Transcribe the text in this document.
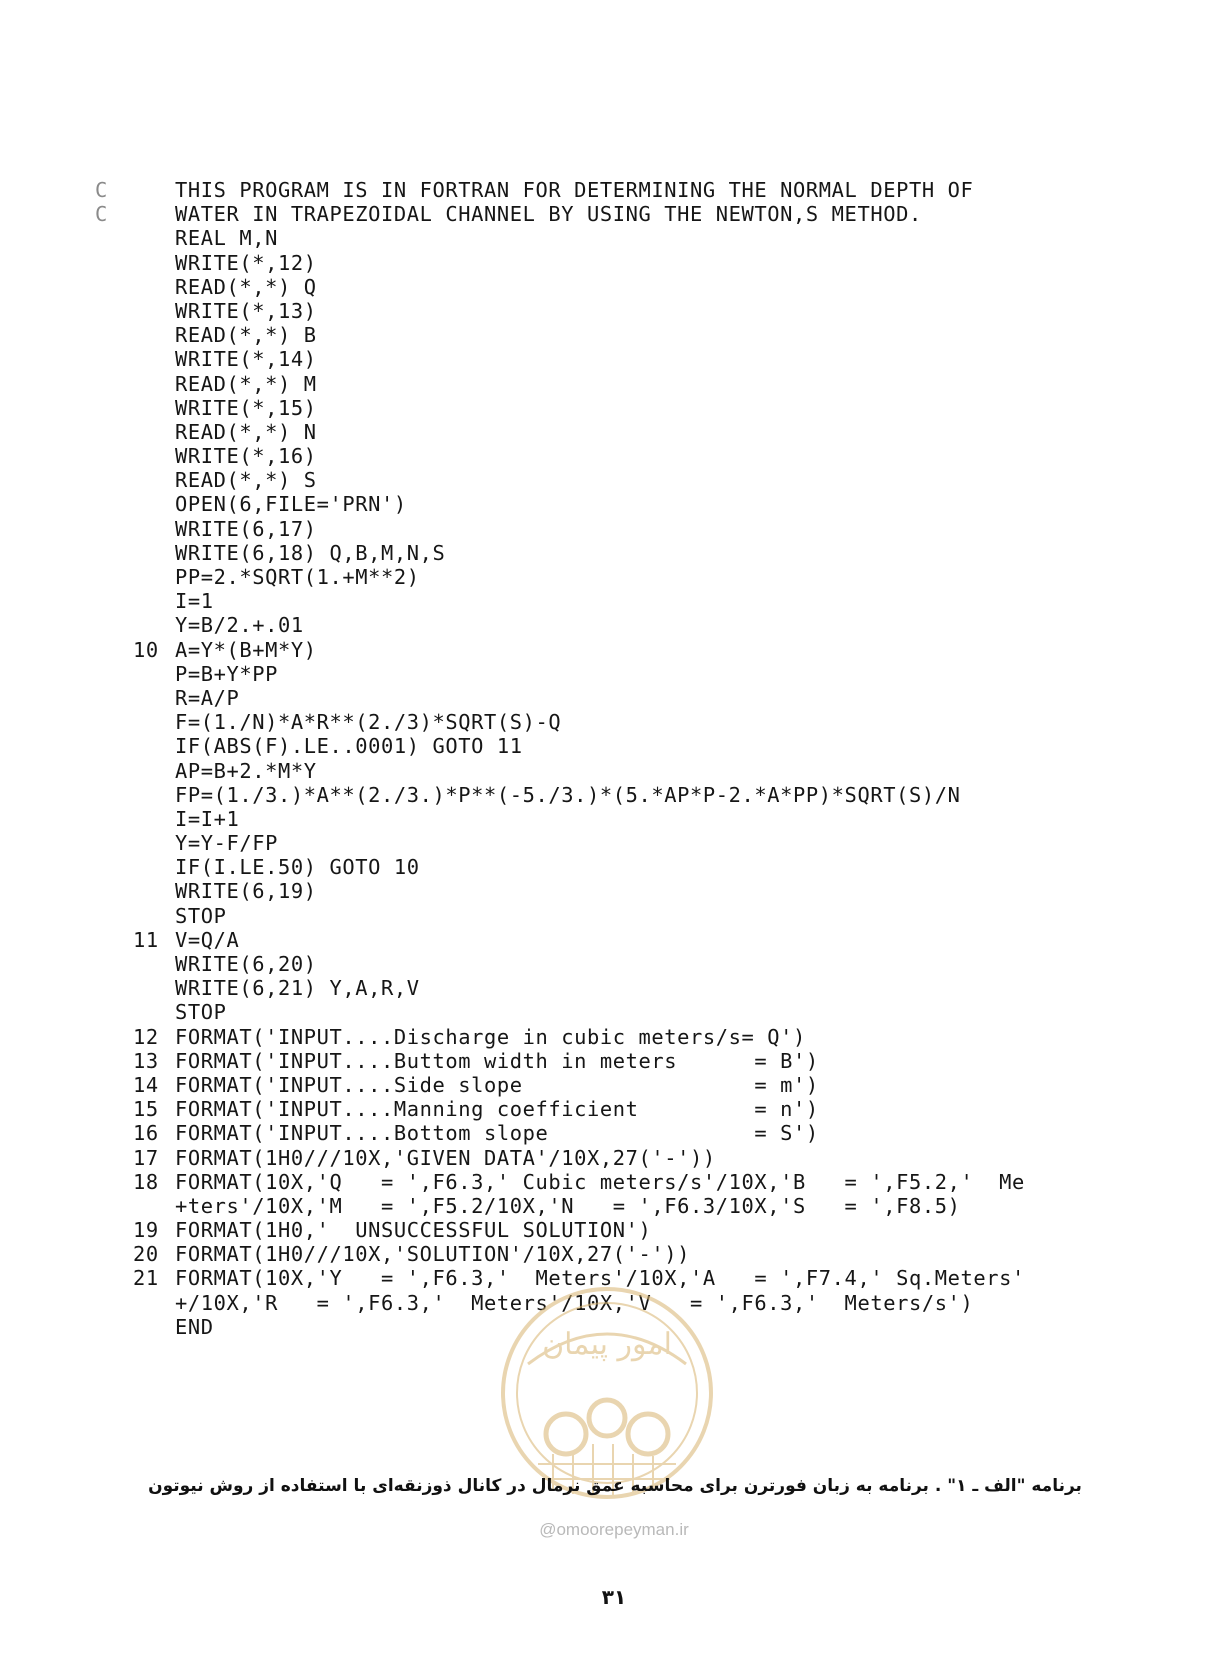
C	THIS PROGRAM IS IN FORTRAN FOR DETERMINING THE NORMAL DEPTH OF
C	WATER IN TRAPEZOIDAL CHANNEL BY USING THE NEWTON,S METHOD.
REAL M,N
WRITE(*,12)
READ(*,*) Q
WRITE(*,13)
READ(*,*) B
WRITE(*,14)
READ(*,*) M
WRITE(*,15)
READ(*,*) N
WRITE(*,16)
READ(*,*) S
OPEN(6,FILE='PRN')
WRITE(6,17)
WRITE(6,18) Q,B,M,N,S
PP=2.*SQRT(1.+M**2)
I=1
Y=B/2.+.01
10 A=Y*(B+M*Y)
P=B+Y*PP
R=A/P
F=(1./N)*A*R**(2./3)*SQRT(S)-Q
IF(ABS(F).LE..0001) GOTO 11
AP=B+2.*M*Y
FP=(1./3.)*A**(2./3.)*P**(-5./3.)*(5.*AP*P-2.*A*PP)*SQRT(S)/N
I=I+1
Y=Y-F/FP
IF(I.LE.50) GOTO 10
WRITE(6,19)
STOP
11 V=Q/A
WRITE(6,20)
WRITE(6,21) Y,A,R,V
STOP
12 FORMAT('INPUT....Discharge in cubic meters/s= Q')
13 FORMAT('INPUT....Buttom width in meters      = B')
14 FORMAT('INPUT....Side slope                  = m')
15 FORMAT('INPUT....Manning coefficient         = n')
16 FORMAT('INPUT....Bottom slope                = S')
17 FORMAT(1H0///10X,'GIVEN DATA'/10X,27('-'))
18 FORMAT(10X,'Q   = ',F6.3,' Cubic meters/s'/10X,'B   = ',F5.2,'  Me
+ters'/10X,'M   = ',F5.2/10X,'N   = ',F6.3/10X,'S   = ',F8.5)
19 FORMAT(1H0,'  UNSUCCESSFUL SOLUTION')
20 FORMAT(1H0///10X,'SOLUTION'/10X,27('-'))
21 FORMAT(10X,'Y   = ',F6.3,'  Meters'/10X,'A   = ',F7.4,' Sq.Meters'
+/10X,'R   = ',F6.3,'  Meters'/10X,'V   = ',F6.3,'  Meters/s')
END
امور پیمان
برنامه "الف ـ ۱" . برنامه به زبان فورترن برای محاسبه عمق نرمال در کانال ذوزنقه‌ای با استفاده از روش نیوتون
@omoorepeyman.ir
۳۱
